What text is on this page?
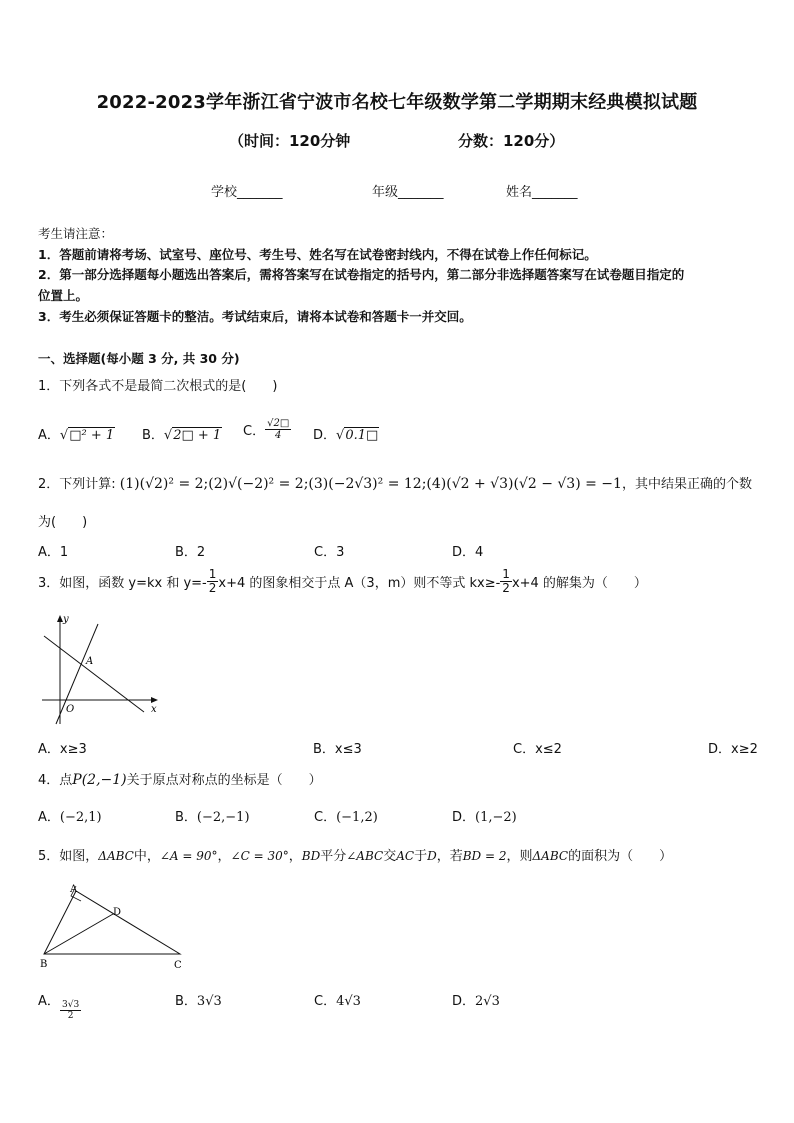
2022-2023学年浙江省宁波市名校七年级数学第二学期期末经典模拟试题
（时间：120分钟	分数：120分）
学校_______	年级_______	姓名_______
考生请注意：
1．答题前请将考场、试室号、座位号、考生号、姓名写在试卷密封线内，不得在试卷上作任何标记。
2．第一部分选择题每小题选出答案后，需将答案写在试卷指定的括号内，第二部分非选择题答案写在试卷题目指定的
位置上。
3．考生必须保证答题卡的整洁。考试结束后，请将本试卷和答题卡一并交回。
一、选择题(每小题 3 分, 共 30 分)
1．下列各式不是最简二次根式的是(　　)
A．√□² + 1 B．√2□ + 1 C． $\frac{√2□}{4}$ D．√0.1□
2．下列计算: (1)(√2)² = 2;(2)√(−2)² = 2;(3)(−2√3)² = 12;(4)(√2 + √3)(√2 − √3) = −1，其中结果正确的个数
为(　　)
A．1	B．2	C．3	D．4
3．如图，函数 y=kx 和 $y=- \frac{1}{2} x+4$ 的图象相交于点 A（3，m）则不等式 $kx\ge- \frac{1}{2} x+4$ 的解集为（　　）
y
x
A
O
A．x≥3	B．x≤3	C．x≤2	D．x≥2
4．点P(2,−1)关于原点对称点的坐标是（　　）
A．(−2,1)	B．(−2,−1)	C．(−1,2)	D．(1,−2)
5．如图，ΔABC中，∠A = 90°，∠C = 30°，BD平分∠ABC交AC于D，若BD = 2，则ΔABC的面积为（　　）
A
B	C
D
A． $\frac{3√3}{2}$	B．3√3	C．4√3	D．2√3
